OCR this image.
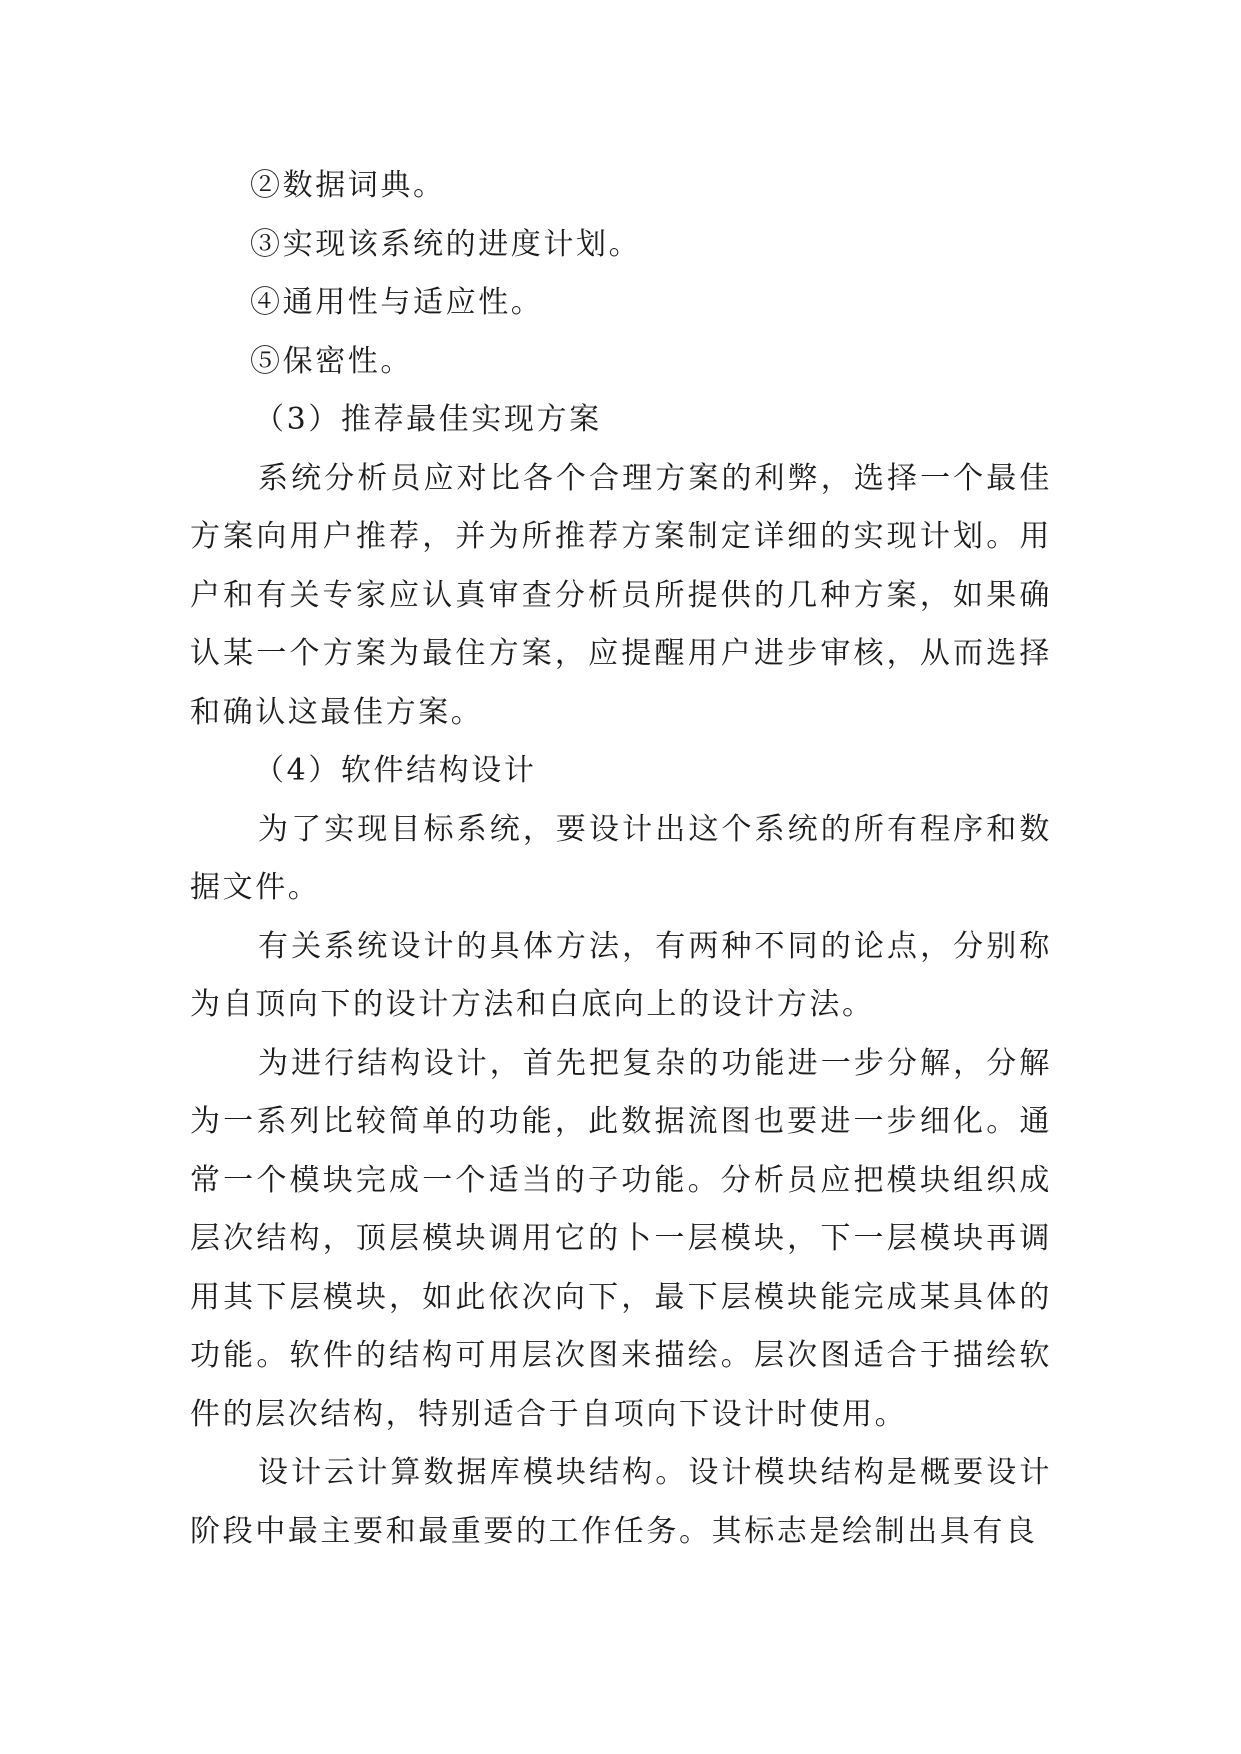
②数据词典。

③实现该系统的进度计划。

④通用性与适应性。

⑤保密性。

（3）推荐最佳实现方案

系统分析员应对比各个合理方案的利弊，选择一个最佳方案向用户推荐，并为所推荐方案制定详细的实现计划。用户和有关专家应认真审查分析员所提供的几种方案，如果确认某一个方案为最住方案，应提醒用户进步审核，从而选择和确认这最佳方案。

（4）软件结构设计

为了实现目标系统，要设计出这个系统的所有程序和数据文件。

有关系统设计的具体方法，有两种不同的论点，分别称为自顶向下的设计方法和白底向上的设计方法。

为进行结构设计，首先把复杂的功能进一步分解，分解为一系列比较简单的功能，此数据流图也要进一步细化。通常一个模块完成一个适当的子功能。分析员应把模块组织成层次结构，顶层模块调用它的卜一层模块，下一层模块再调用其下层模块，如此依次向下，最下层模块能完成某具体的功能。软件的结构可用层次图来描绘。层次图适合于描绘软件的层次结构，特别适合于自项向下设计时使用。

设计云计算数据库模块结构。设计模块结构是概要设计阶段中最主要和最重要的工作任务。其标志是绘制出具有良
